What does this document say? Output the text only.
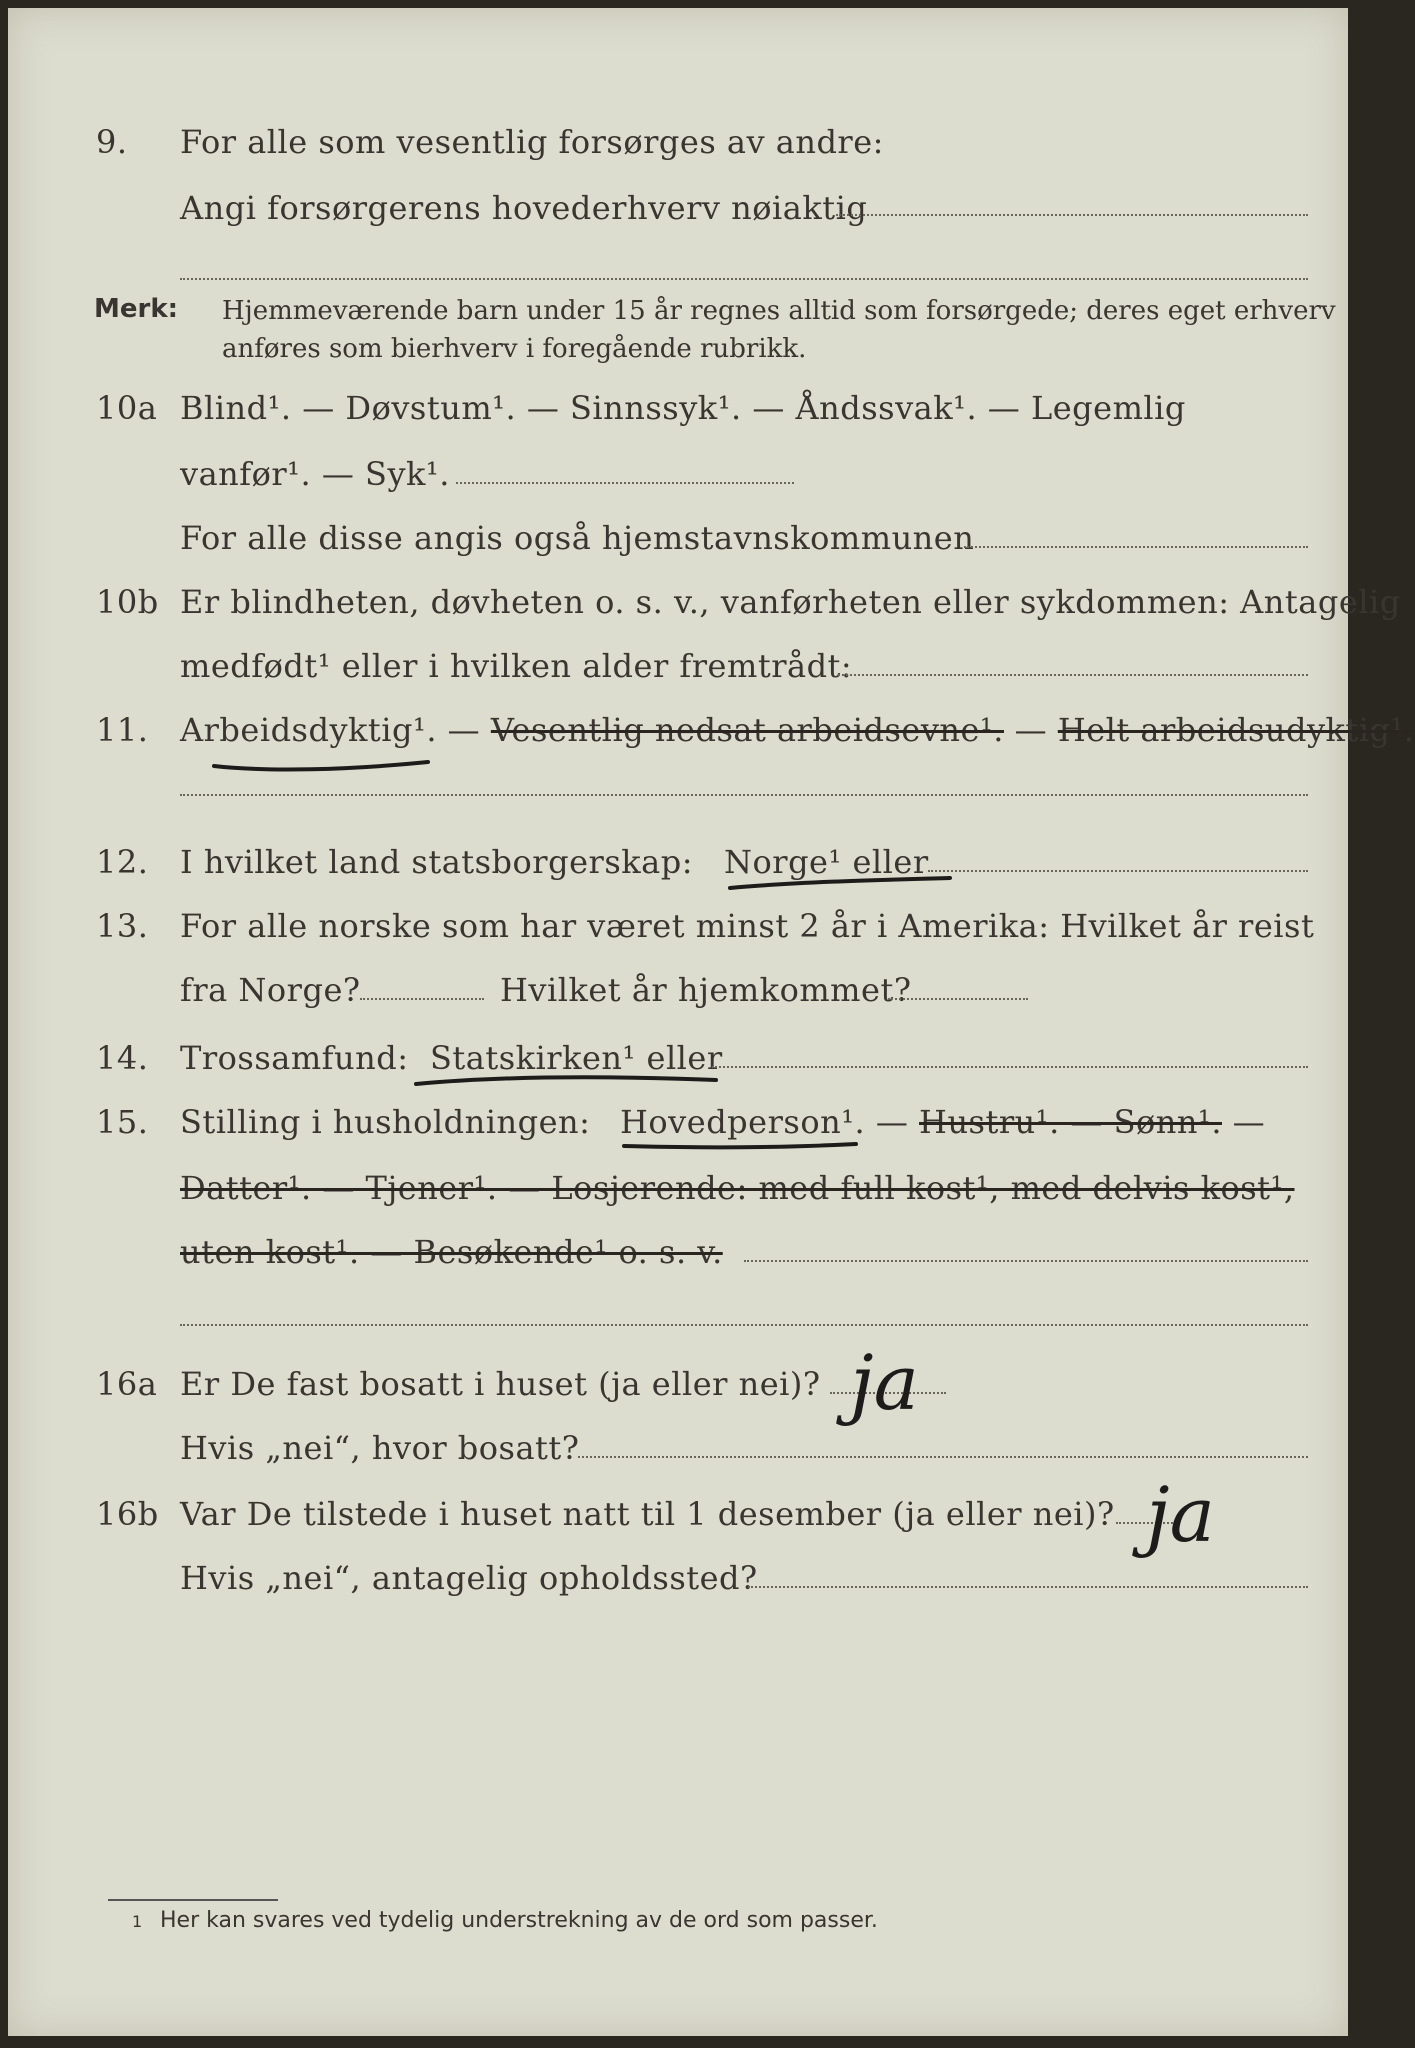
9.	For alle som vesentlig forsørges av andre:
Angi forsørgerens hovederhverv nøiaktig
Merk: Hjemmeværende barn under 15 år regnes alltid som forsørgede; deres eget erhverv
anføres som bierhverv i foregående rubrikk.
10a Blind¹. — Døvstum¹. — Sinnssyk¹. — Åndssvak¹. — Legemlig
vanfør¹. — Syk¹.
For alle disse angis også hjemstavnskommunen
10b Er blindheten, døvheten o. s. v., vanførheten eller sykdommen: Antagelig
medfødt¹ eller i hvilken alder fremtrådt:
11. Arbeidsdyktig¹. — Vesentlig nedsat arbeidsevne¹. — Helt arbeidsudyktig¹.
12. I hvilket land statsborgerskap: Norge¹ eller
13. For alle norske som har været minst 2 år i Amerika: Hvilket år reist
fra Norge?	Hvilket år hjemkommet?
14. Trossamfund: Statskirken¹ eller
15. Stilling i husholdningen: Hovedperson¹. — Hustru¹. — Sønn¹. —
Datter¹. — Tjener¹. — Losjerende: med full kost¹, med delvis kost¹,
uten kost¹. — Besøkende¹ o. s. v.
16a Er De fast bosatt i huset (ja eller nei)? ja
Hvis „nei“, hvor bosatt?
16b Var De tilstede i huset natt til 1 desember (ja eller nei)? ja
Hvis „nei“, antagelig opholdssted?
1 Her kan svares ved tydelig understrekning av de ord som passer.
